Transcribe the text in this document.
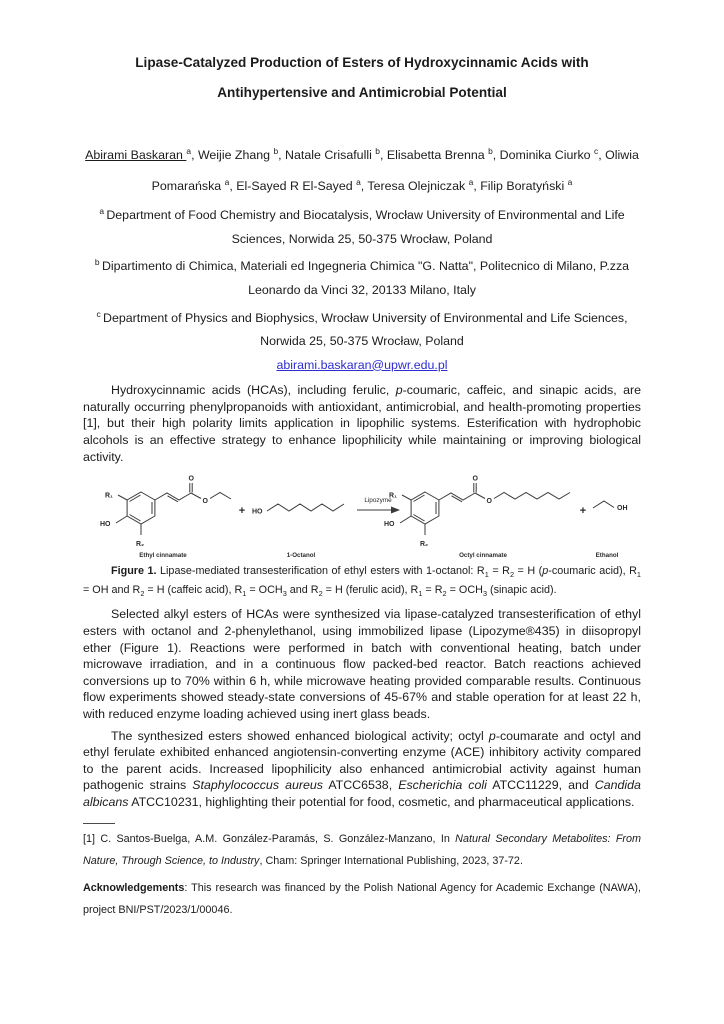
Lipase-Catalyzed Production of Esters of Hydroxycinnamic Acids with
Antihypertensive and Antimicrobial Potential

Abirami Baskaran $^a$, Weijie Zhang $^b$, Natale Crisafulli $^b$, Elisabetta Brenna $^b$, Dominika Ciurko $^c$, Oliwia Pomarańska $^a$, El-Sayed R El-Sayed $^a$, Teresa Olejniczak $^a$, Filip Boratyński $^a$

$^a$ Department of Food Chemistry and Biocatalysis, Wrocław University of Environmental and Life Sciences, Norwida 25, 50-375 Wrocław, Poland

$^b$ Dipartimento di Chimica, Materiali ed Ingegneria Chimica "G. Natta", Politecnico di Milano, P.zza Leonardo da Vinci 32, 20133 Milano, Italy

$^c$ Department of Physics and Biophysics, Wrocław University of Environmental and Life Sciences, Norwida 25, 50-375 Wrocław, Poland

abirami.baskaran@upwr.edu.pl

Hydroxycinnamic acids (HCAs), including ferulic, p-coumaric, caffeic, and sinapic acids, are naturally occurring phenylpropanoids with antioxidant, antimicrobial, and health-promoting properties [1], but their high polarity limits application in lipophilic systems. Esterification with hydrophobic alcohols is an effective strategy to enhance lipophilicity while maintaining or improving biological activity.

R₁
HO
R₂
O
O
+ HO
Lipozyme
R₁
HO
R₂
O
O
+	OH
Ethyl cinnamate	1-Octanol	Octyl cinnamate	Ethanol

Figure 1. Lipase-mediated transesterification of ethyl esters with 1-octanol: $R_1 = R_2 = H$ (p-coumaric acid), $R_1$ = OH and $R_2 = H$ (caffeic acid), $R_1 = OCH_3$ and $R_2 = H$ (ferulic acid), $R_1 = R_2 = OCH_3$ (sinapic acid).

Selected alkyl esters of HCAs were synthesized via lipase-catalyzed transesterification of ethyl esters with octanol and 2-phenylethanol, using immobilized lipase (Lipozyme®435) in diisopropyl ether (Figure 1). Reactions were performed in batch with conventional heating, batch under microwave irradiation, and in a continuous flow packed-bed reactor. Batch reactions achieved conversions up to 70% within 6 h, while microwave heating provided comparable results. Continuous flow experiments showed steady-state conversions of 45-67% and stable operation for at least 22 h, with reduced enzyme loading achieved using inert glass beads.

The synthesized esters showed enhanced biological activity; octyl p-coumarate and octyl and ethyl ferulate exhibited enhanced angiotensin-converting enzyme (ACE) inhibitory activity compared to the parent acids. Increased lipophilicity also enhanced antimicrobial activity against human pathogenic strains Staphylococcus aureus ATCC6538, Escherichia coli ATCC11229, and Candida albicans ATCC10231, highlighting their potential for food, cosmetic, and pharmaceutical applications.

[1] C. Santos-Buelga, A.M. González-Paramás, S. González-Manzano, In Natural Secondary Metabolites: From Nature, Through Science, to Industry, Cham: Springer International Publishing, 2023, 37-72.

Acknowledgements: This research was financed by the Polish National Agency for Academic Exchange (NAWA), project BNI/PST/2023/1/00046.
